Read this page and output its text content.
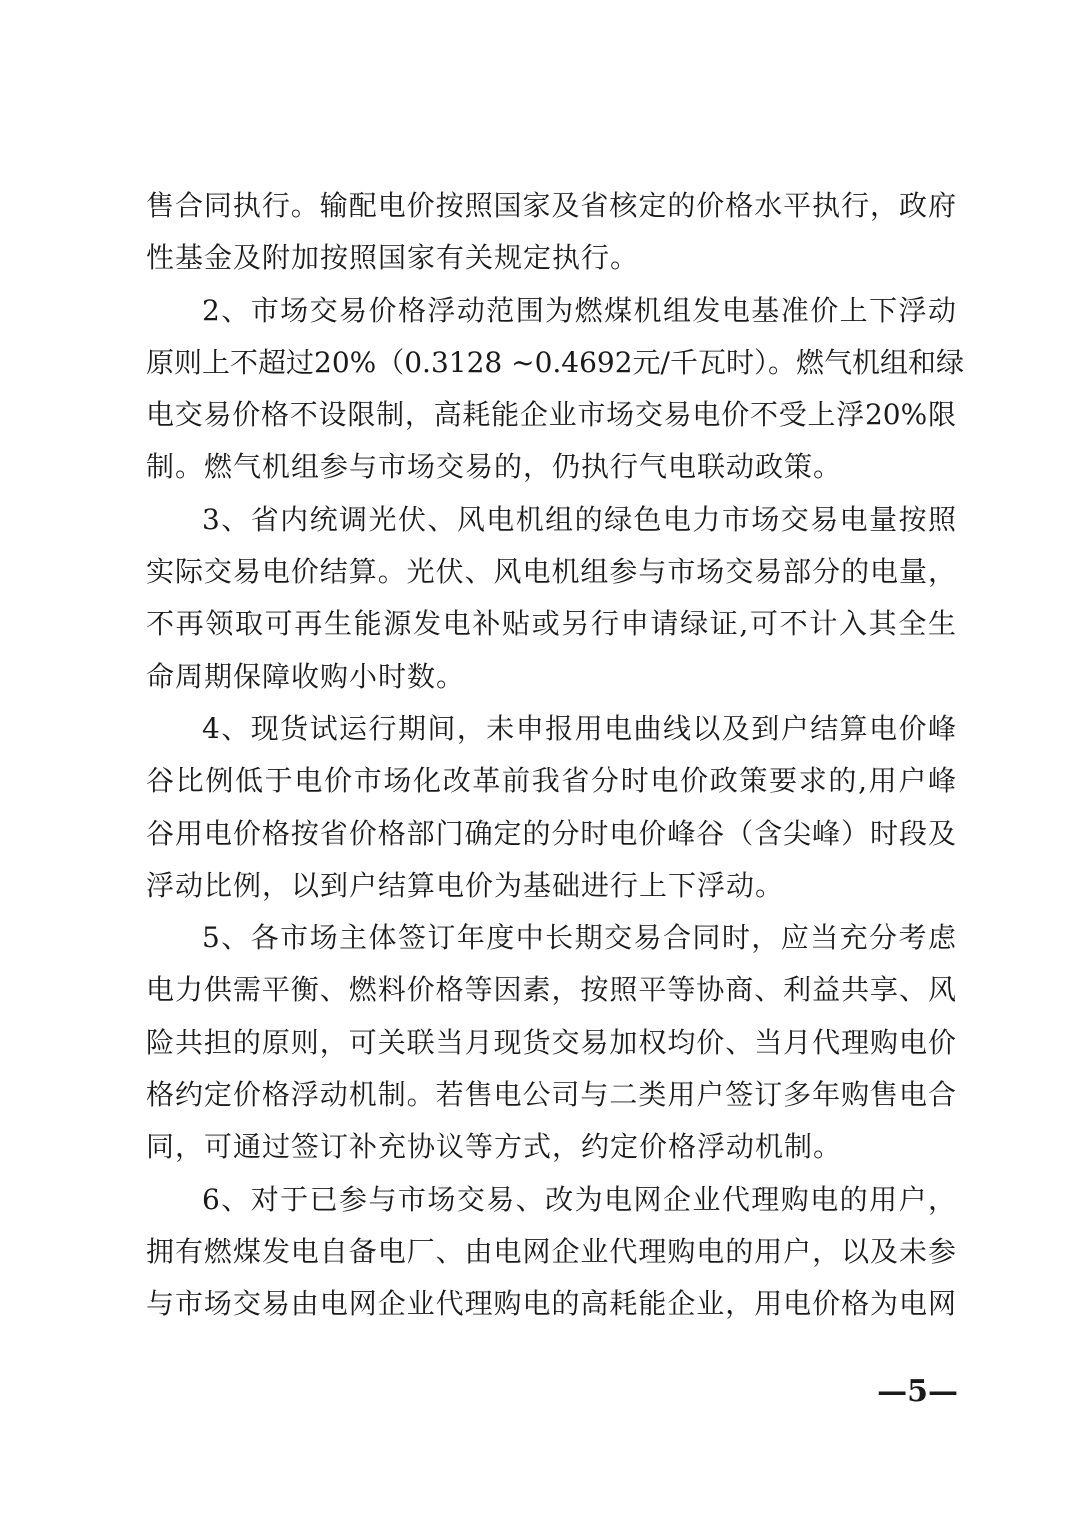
售合同执行。输配电价按照国家及省核定的价格水平执行，政府
性基金及附加按照国家有关规定执行。
2、市场交易价格浮动范围为燃煤机组发电基准价上下浮动
原则上不超过20%（0.3128 ~0.4692元/千瓦时）。燃气机组和绿
电交易价格不设限制，高耗能企业市场交易电价不受上浮20%限
制。燃气机组参与市场交易的，仍执行气电联动政策。
3、省内统调光伏、风电机组的绿色电力市场交易电量按照
实际交易电价结算。光伏、风电机组参与市场交易部分的电量，
不再领取可再生能源发电补贴或另行申请绿证,可不计入其全生
命周期保障收购小时数。
4、现货试运行期间，未申报用电曲线以及到户结算电价峰
谷比例低于电价市场化改革前我省分时电价政策要求的,用户峰
谷用电价格按省价格部门确定的分时电价峰谷（含尖峰）时段及
浮动比例，以到户结算电价为基础进行上下浮动。
5、各市场主体签订年度中长期交易合同时，应当充分考虑
电力供需平衡、燃料价格等因素，按照平等协商、利益共享、风
险共担的原则，可关联当月现货交易加权均价、当月代理购电价
格约定价格浮动机制。若售电公司与二类用户签订多年购售电合
同，可通过签订补充协议等方式，约定价格浮动机制。
6、对于已参与市场交易、改为电网企业代理购电的用户，
拥有燃煤发电自备电厂、由电网企业代理购电的用户，以及未参
与市场交易由电网企业代理购电的高耗能企业，用电价格为电网
—5—
